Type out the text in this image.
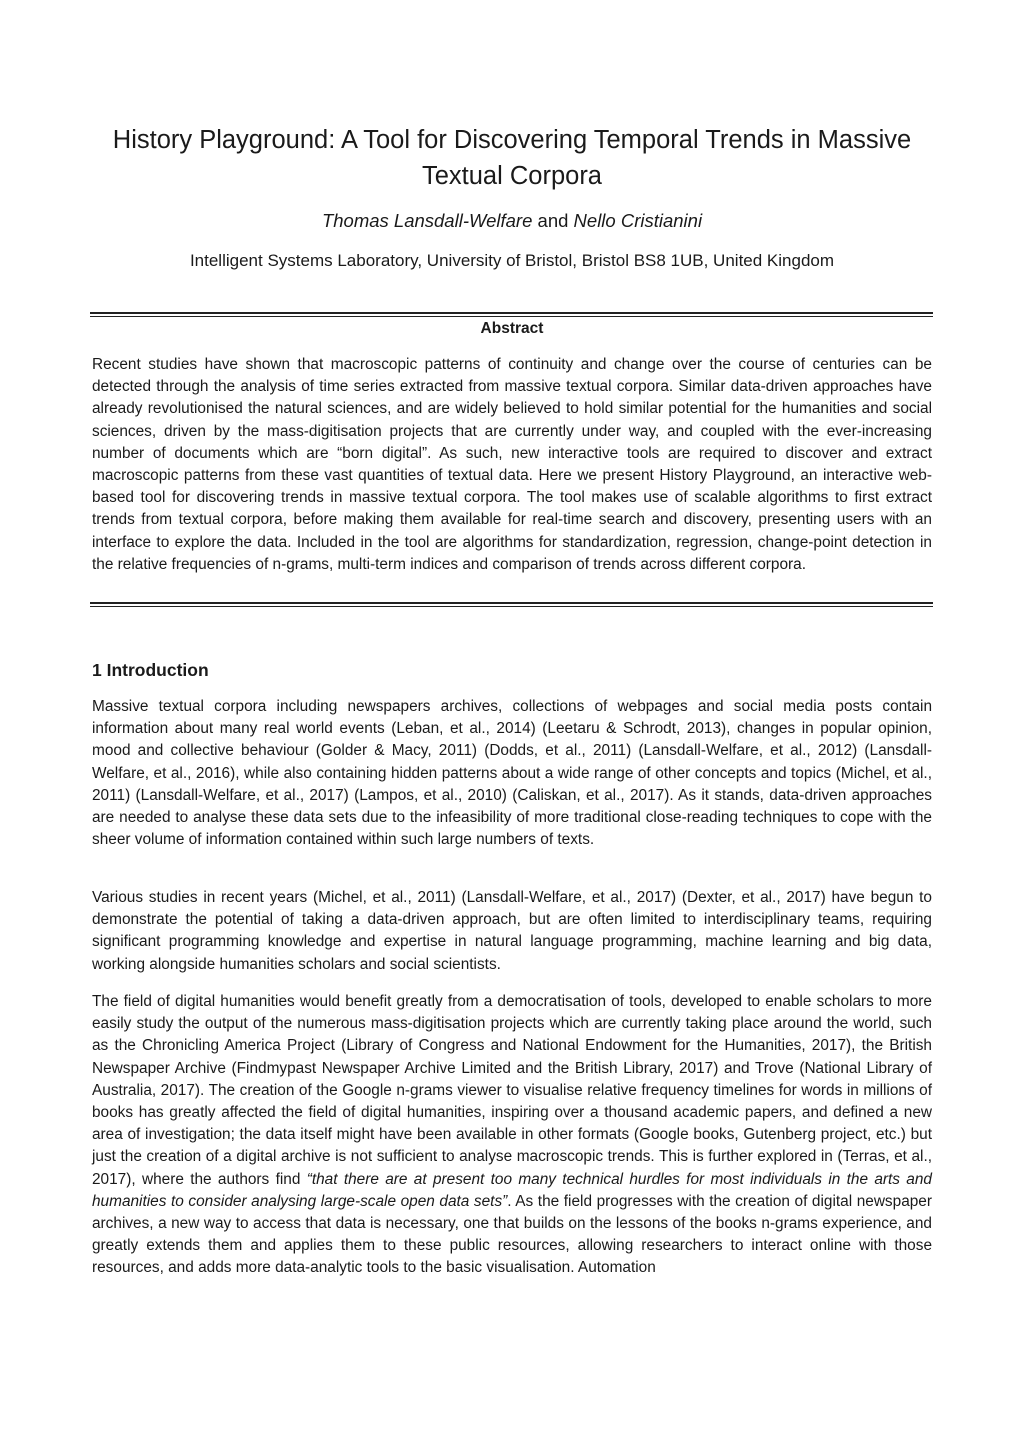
History Playground: A Tool for Discovering Temporal Trends in Massive Textual Corpora
Thomas Lansdall-Welfare and Nello Cristianini
Intelligent Systems Laboratory, University of Bristol, Bristol BS8 1UB, United Kingdom
Abstract

Recent studies have shown that macroscopic patterns of continuity and change over the course of centuries can be detected through the analysis of time series extracted from massive textual corpora. Similar data-driven approaches have already revolutionised the natural sciences, and are widely believed to hold similar potential for the humanities and social sciences, driven by the mass-digitisation projects that are currently under way, and coupled with the ever-increasing number of documents which are “born digital”. As such, new interactive tools are required to discover and extract macroscopic patterns from these vast quantities of textual data. Here we present History Playground, an interactive web-based tool for discovering trends in massive textual corpora. The tool makes use of scalable algorithms to first extract trends from textual corpora, before making them available for real-time search and discovery, presenting users with an interface to explore the data. Included in the tool are algorithms for standardization, regression, change-point detection in the relative frequencies of n-grams, multi-term indices and comparison of trends across different corpora.

1 Introduction

Massive textual corpora including newspapers archives, collections of webpages and social media posts contain information about many real world events (Leban, et al., 2014) (Leetaru & Schrodt, 2013), changes in popular opinion, mood and collective behaviour (Golder & Macy, 2011) (Dodds, et al., 2011) (Lansdall-Welfare, et al., 2012) (Lansdall-Welfare, et al., 2016), while also containing hidden patterns about a wide range of other concepts and topics (Michel, et al., 2011) (Lansdall-Welfare, et al., 2017) (Lampos, et al., 2010) (Caliskan, et al., 2017). As it stands, data-driven approaches are needed to analyse these data sets due to the infeasibility of more traditional close-reading techniques to cope with the sheer volume of information contained within such large numbers of texts.

Various studies in recent years (Michel, et al., 2011) (Lansdall-Welfare, et al., 2017) (Dexter, et al., 2017) have begun to demonstrate the potential of taking a data-driven approach, but are often limited to interdisciplinary teams, requiring significant programming knowledge and expertise in natural language programming, machine learning and big data, working alongside humanities scholars and social scientists.

The field of digital humanities would benefit greatly from a democratisation of tools, developed to enable scholars to more easily study the output of the numerous mass-digitisation projects which are currently taking place around the world, such as the Chronicling America Project (Library of Congress and National Endowment for the Humanities, 2017), the British Newspaper Archive (Findmypast Newspaper Archive Limited and the British Library, 2017) and Trove (National Library of Australia, 2017). The creation of the Google n-grams viewer to visualise relative frequency timelines for words in millions of books has greatly affected the field of digital humanities, inspiring over a thousand academic papers, and defined a new area of investigation; the data itself might have been available in other formats (Google books, Gutenberg project, etc.) but just the creation of a digital archive is not sufficient to analyse macroscopic trends. This is further explored in (Terras, et al., 2017), where the authors find “that there are at present too many technical hurdles for most individuals in the arts and humanities to consider analysing large-scale open data sets”. As the field progresses with the creation of digital newspaper archives, a new way to access that data is necessary, one that builds on the lessons of the books n-grams experience, and greatly extends them and applies them to these public resources, allowing researchers to interact online with those resources, and adds more data-analytic tools to the basic visualisation. Automation
